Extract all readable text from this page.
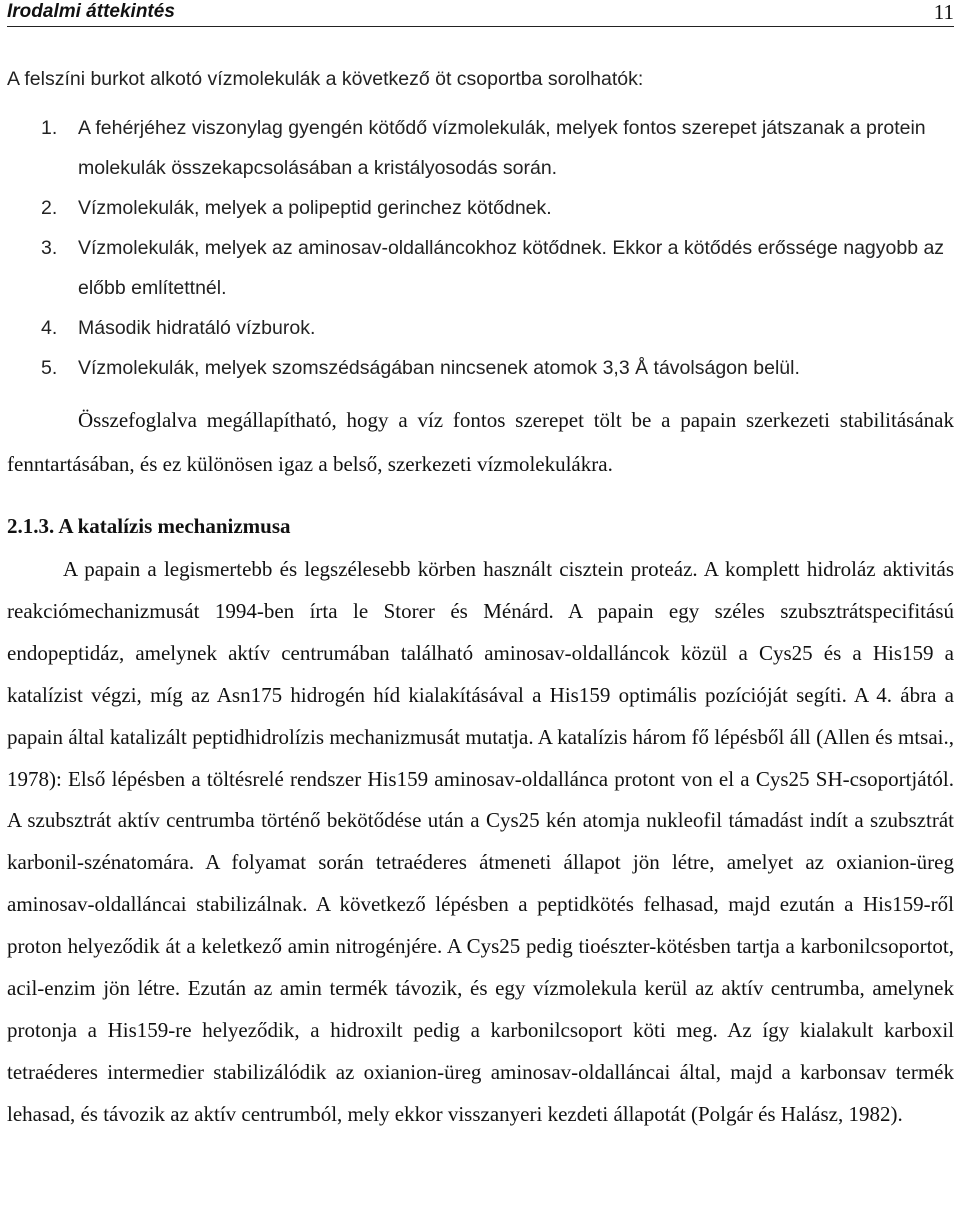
Irodalmi áttekintés	11
A felszíni burkot alkotó vízmolekulák a következő öt csoportba sorolhatók:
1. A fehérjéhez viszonylag gyengén kötődő vízmolekulák, melyek fontos szerepet játszanak a protein molekulák összekapcsolásában a kristályosodás során.
2. Vízmolekulák, melyek a polipeptid gerinchez kötődnek.
3. Vízmolekulák, melyek az aminosav-oldalláncokhoz kötődnek. Ekkor a kötődés erőssége nagyobb az előbb említettnél.
4. Második hidratáló vízburok.
5. Vízmolekulák, melyek szomszédságában nincsenek atomok 3,3 Å távolságon belül.

Összefoglalva megállapítható, hogy a víz fontos szerepet tölt be a papain szerkezeti stabilitásának fenntartásában, és ez különösen igaz a belső, szerkezeti vízmolekulákra.

2.1.3. A katalízis mechanizmusa

A papain a legismertebb és legszélesebb körben használt cisztein proteáz. A komplett hidroláz aktivitás reakciómechanizmusát 1994-ben írta le Storer és Ménárd. A papain egy széles szubsztrátspecifitású endopeptidáz, amelynek aktív centrumában található aminosav-oldalláncok közül a Cys25 és a His159 a katalízist végzi, míg az Asn175 hidrogén híd kialakításával a His159 optimális pozícióját segíti. A 4. ábra a papain által katalizált peptidhidrolízis mechanizmusát mutatja. A katalízis három fő lépésből áll (Allen és mtsai., 1978): Első lépésben a töltésrelé rendszer His159 aminosav-oldallánca protont von el a Cys25 SH-csoportjától. A szubsztrát aktív centrumba történő bekötődése után a Cys25 kén atomja nukleofil támadást indít a szubsztrát karbonil-szénatomára. A folyamat során tetraéderes átmeneti állapot jön létre, amelyet az oxianion-üreg aminosav-oldalláncai stabilizálnak. A következő lépésben a peptidkötés felhasad, majd ezután a His159-ről proton helyeződik át a keletkező amin nitrogénjére. A Cys25 pedig tioészter-kötésben tartja a karbonilcsoportot, acil-enzim jön létre. Ezután az amin termék távozik, és egy vízmolekula kerül az aktív centrumba, amelynek protonja a His159-re helyeződik, a hidroxilt pedig a karbonilcsoport köti meg. Az így kialakult karboxil tetraéderes intermedier stabilizálódik az oxianion-üreg aminosav-oldalláncai által, majd a karbonsav termék lehasad, és távozik az aktív centrumból, mely ekkor visszanyeri kezdeti állapotát (Polgár és Halász, 1982).
